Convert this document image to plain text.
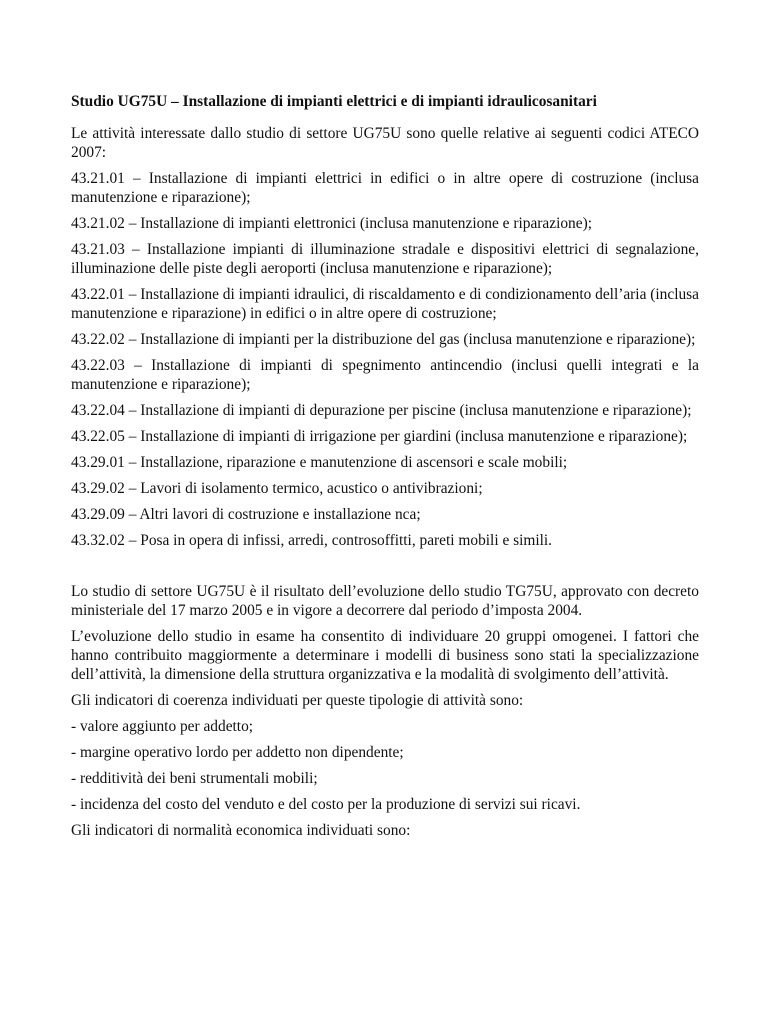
Studio UG75U – Installazione di impianti elettrici e di impianti idraulicosanitari

Le attività interessate dallo studio di settore UG75U sono quelle relative ai seguenti codici ATECO 2007:

43.21.01 – Installazione di impianti elettrici in edifici o in altre opere di costruzione (inclusa manutenzione e riparazione);

43.21.02 – Installazione di impianti elettronici (inclusa manutenzione e riparazione);

43.21.03 – Installazione impianti di illuminazione stradale e dispositivi elettrici di segnalazione, illuminazione delle piste degli aeroporti (inclusa manutenzione e riparazione);

43.22.01 – Installazione di impianti idraulici, di riscaldamento e di condizionamento dell’aria (inclusa manutenzione e riparazione) in edifici o in altre opere di costruzione;

43.22.02 – Installazione di impianti per la distribuzione del gas (inclusa manutenzione e riparazione);

43.22.03 – Installazione di impianti di spegnimento antincendio (inclusi quelli integrati e la manutenzione e riparazione);

43.22.04 – Installazione di impianti di depurazione per piscine (inclusa manutenzione e riparazione);

43.22.05 – Installazione di impianti di irrigazione per giardini (inclusa manutenzione e riparazione);

43.29.01 – Installazione, riparazione e manutenzione di ascensori e scale mobili;

43.29.02 – Lavori di isolamento termico, acustico o antivibrazioni;

43.29.09 – Altri lavori di costruzione e installazione nca;

43.32.02 – Posa in opera di infissi, arredi, controsoffitti, pareti mobili e simili.

Lo studio di settore UG75U è il risultato dell’evoluzione dello studio TG75U, approvato con decreto ministeriale del 17 marzo 2005 e in vigore a decorrere dal periodo d’imposta 2004.

L’evoluzione dello studio in esame ha consentito di individuare 20 gruppi omogenei. I fattori che hanno contribuito maggiormente a determinare i modelli di business sono stati la specializzazione dell’attività, la dimensione della struttura organizzativa e la modalità di svolgimento dell’attività.

Gli indicatori di coerenza individuati per queste tipologie di attività sono:

- valore aggiunto per addetto;

- margine operativo lordo per addetto non dipendente;

- redditività dei beni strumentali mobili;

- incidenza del costo del venduto e del costo per la produzione di servizi sui ricavi.

Gli indicatori di normalità economica individuati sono:
